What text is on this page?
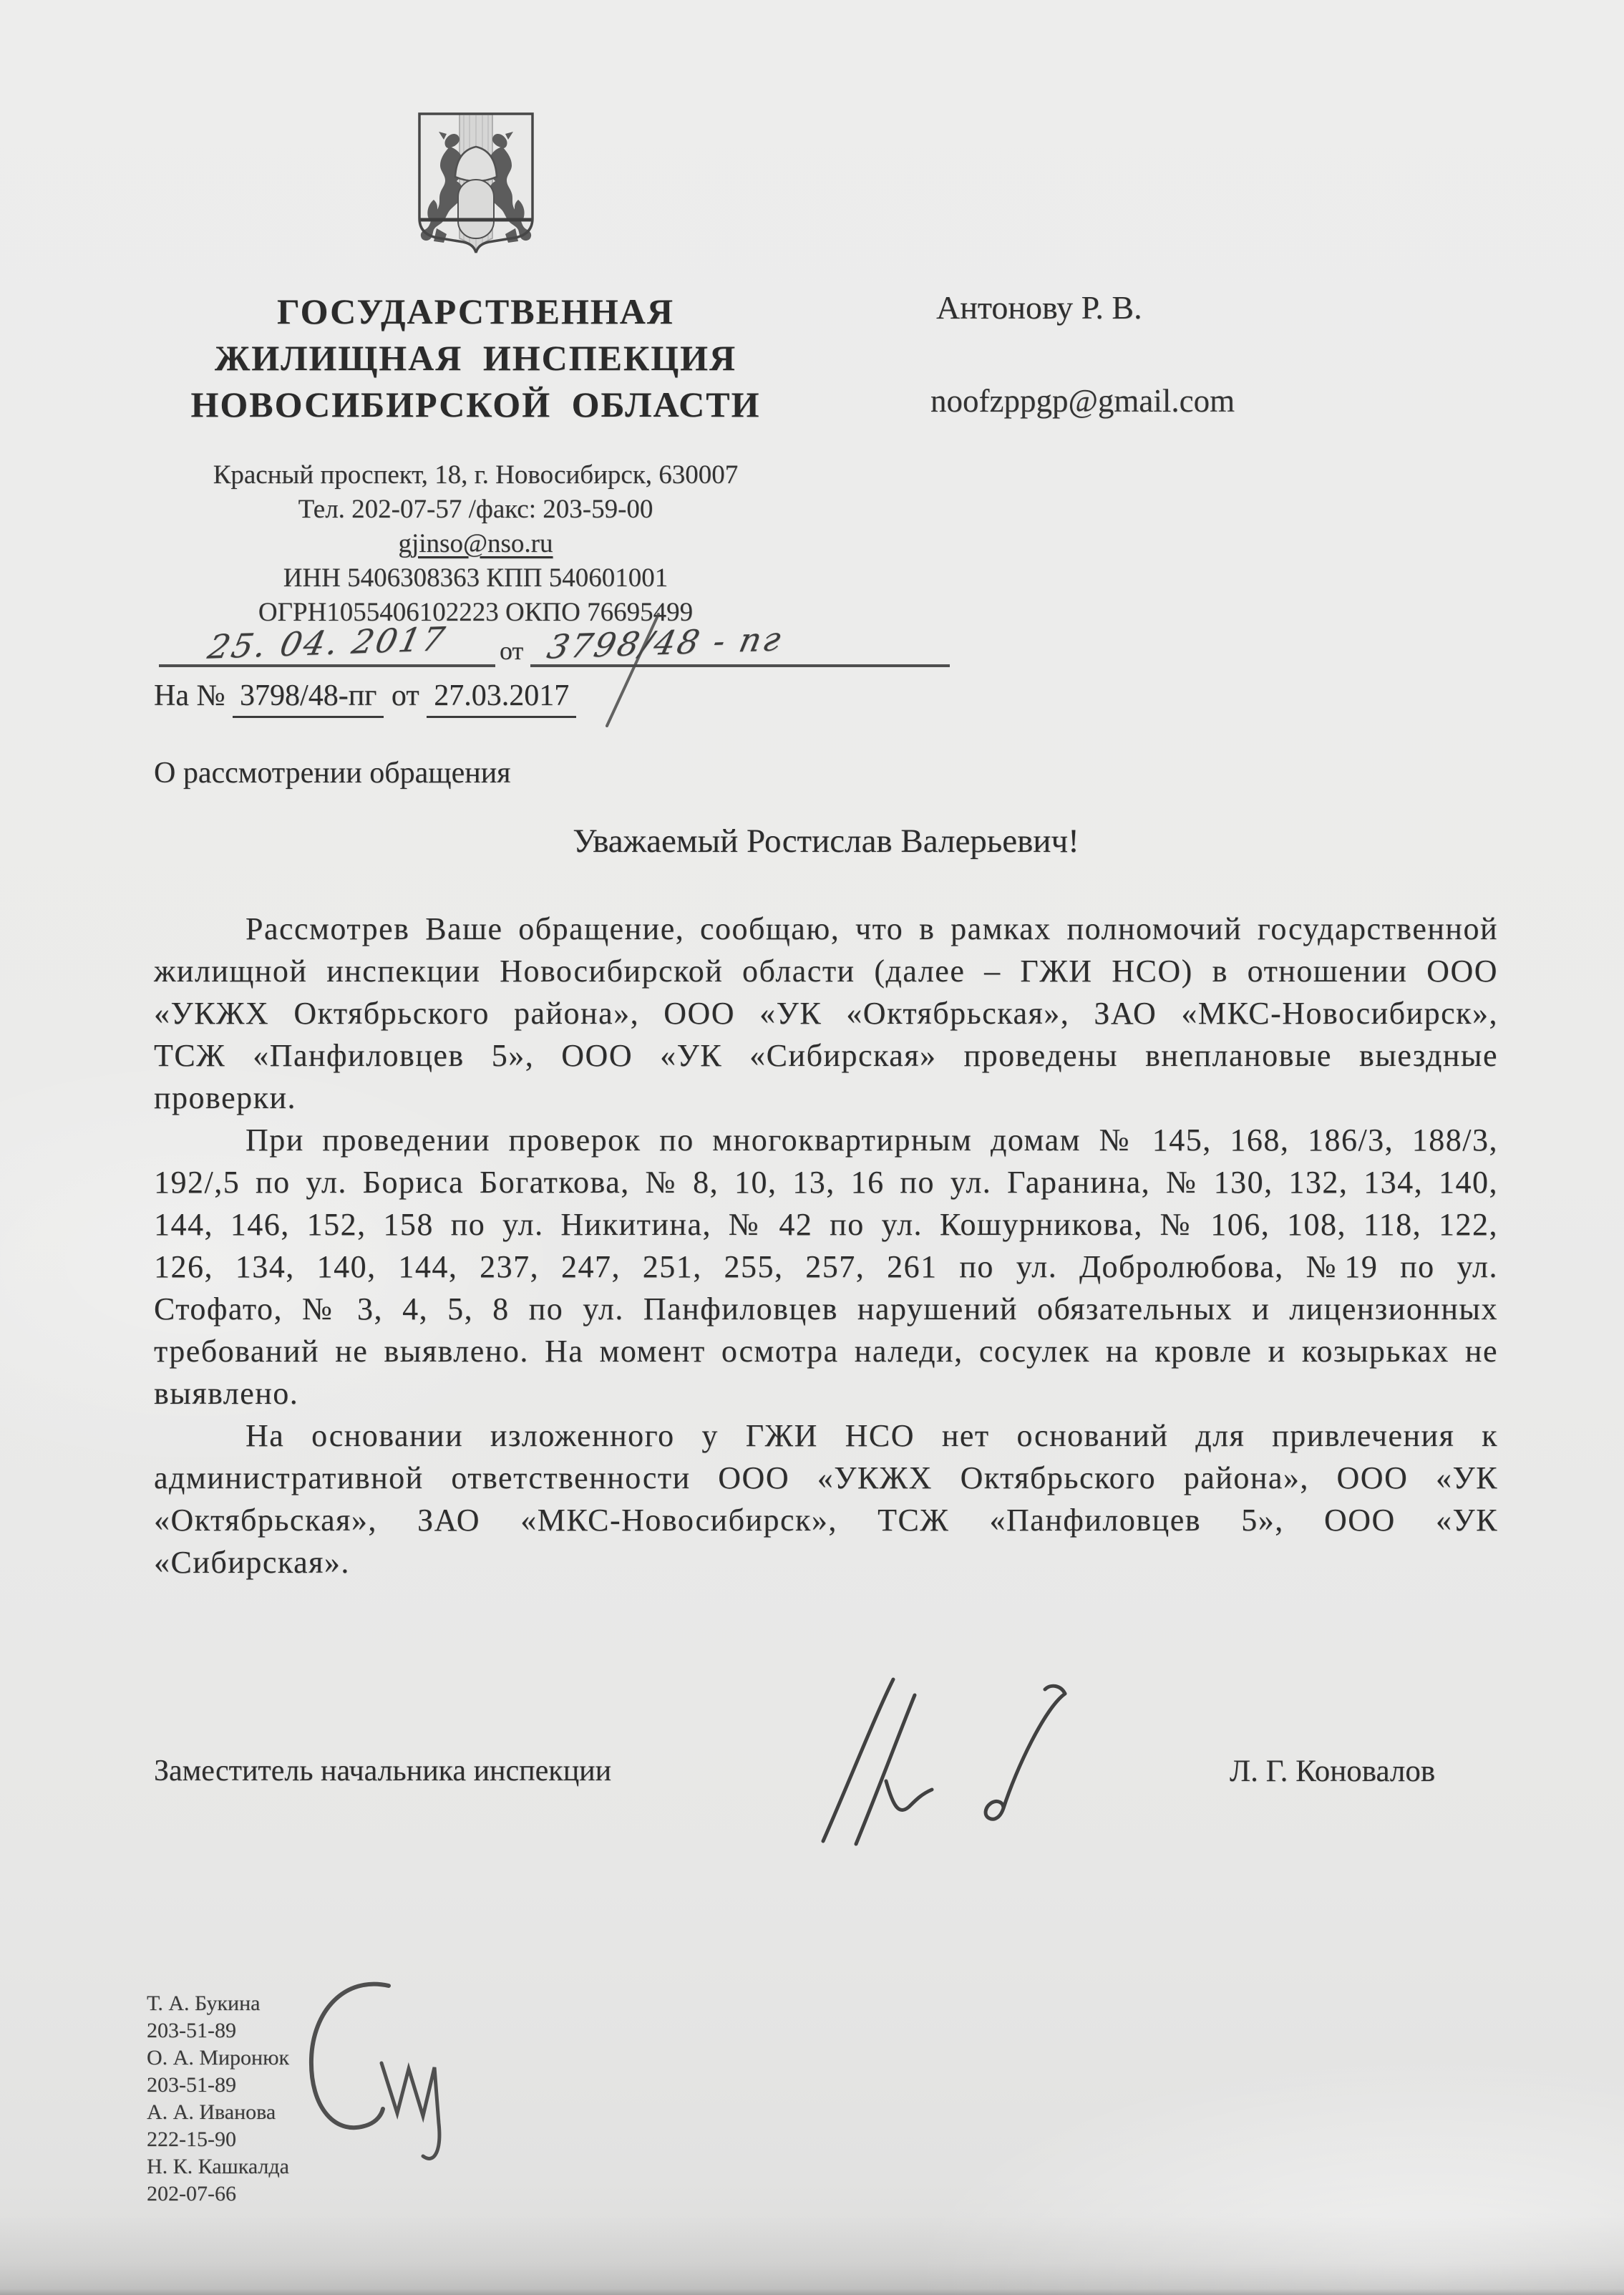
ГОСУДАРСТВЕННАЯ
ЖИЛИЩНАЯ ИНСПЕКЦИЯ
НОВОСИБИРСКОЙ ОБЛАСТИ
Красный проспект, 18, г. Новосибирск, 630007
Тел. 202-07-57 /факс: 203-59-00
gjinso@nso.ru
ИНН 5406308363 КПП 540601001
ОГРН1055406102223 ОКПО 76695499
25. 04. 2017 от 3798/48 - пг
На № 3798/48-пг от 27.03.2017
Антонову Р. В.
noofzppgp@gmail.com
О рассмотрении обращения
Уважаемый Ростислав Валерьевич!

Рассмотрев Ваше обращение, сообщаю, что в рамках полномочий государственной жилищной инспекции Новосибирской области (далее – ГЖИ НСО) в отношении ООО «УКЖХ Октябрьского района», ООО «УК «Октябрьская», ЗАО «МКС-Новосибирск», ТСЖ «Панфиловцев 5», ООО «УК «Сибирская» проведены внеплановые выездные проверки.

При проведении проверок по многоквартирным домам № 145, 168, 186/3, 188/3, 192/,5 по ул. Бориса Богаткова, № 8, 10, 13, 16 по ул. Гаранина, № 130, 132, 134, 140, 144, 146, 152, 158 по ул. Никитина, № 42 по ул. Кошурникова, № 106, 108, 118, 122, 126, 134, 140, 144, 237, 247, 251, 255, 257, 261 по ул. Добролюбова, №19 по ул. Стофато, № 3, 4, 5, 8 по ул. Панфиловцев нарушений обязательных и лицензионных требований не выявлено. На момент осмотра наледи, сосулек на кровле и козырьках не выявлено.

На основании изложенного у ГЖИ НСО нет оснований для привлечения к административной ответственности ООО «УКЖХ Октябрьского района», ООО «УК «Октябрьская», ЗАО «МКС-Новосибирск», ТСЖ «Панфиловцев 5», ООО «УК «Сибирская».

Заместитель начальника инспекции	Л. Г. Коновалов
Т. А. Букина
203-51-89
О. А. Миронюк
203-51-89
А. А. Иванова
222-15-90
Н. К. Кашкалда
202-07-66
